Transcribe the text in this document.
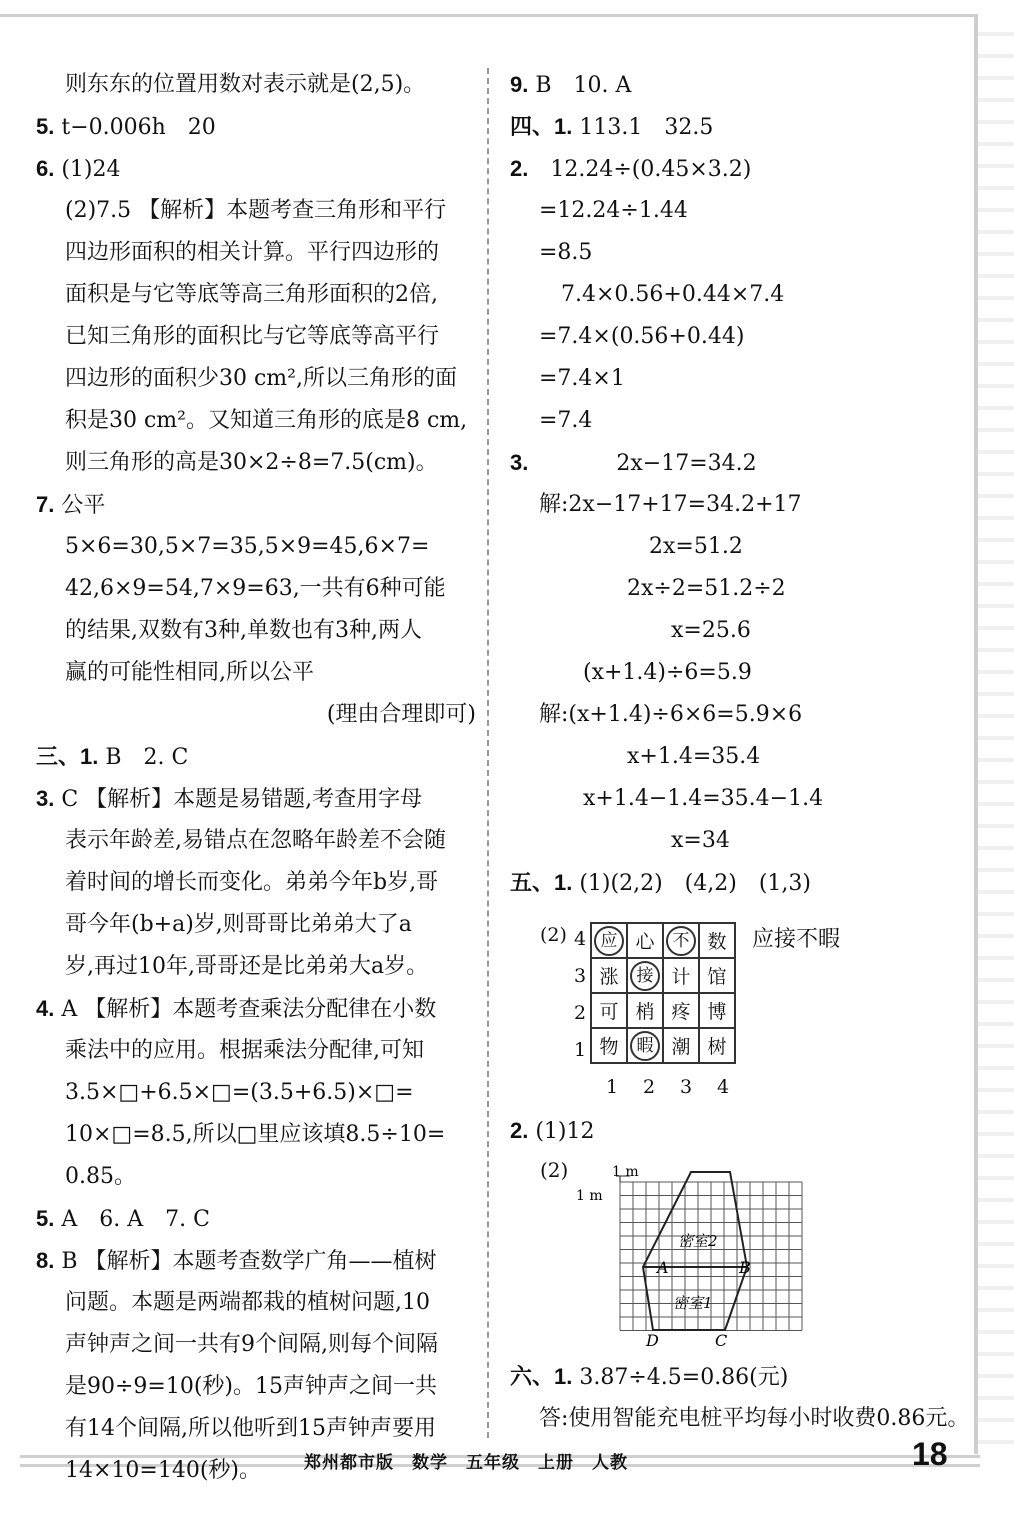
则东东的位置用数对表示就是(2,5)。
5. t−0.006h　20
6. (1)24
(2)7.5 【解析】本题考查三角形和平行
四边形面积的相关计算。平行四边形的
面积是与它等底等高三角形面积的2倍,
已知三角形的面积比与它等底等高平行
四边形的面积少30 cm²,所以三角形的面
积是30 cm²。又知道三角形的底是8 cm,
则三角形的高是30×2÷8=7.5(cm)。
7. 公平
5×6=30,5×7=35,5×9=45,6×7=
42,6×9=54,7×9=63,一共有6种可能
的结果,双数有3种,单数也有3种,两人
赢的可能性相同,所以公平
(理由合理即可)
三、1. B　2. C
3. C 【解析】本题是易错题,考查用字母
表示年龄差,易错点在忽略年龄差不会随
着时间的增长而变化。弟弟今年b岁,哥
哥今年(b+a)岁,则哥哥比弟弟大了a
岁,再过10年,哥哥还是比弟弟大a岁。
4. A 【解析】本题考查乘法分配律在小数
乘法中的应用。根据乘法分配律,可知
3.5×□+6.5×□=(3.5+6.5)×□=
10×□=8.5,所以□里应该填8.5÷10=
0.85。
5. A　6. A　7. C
8. B 【解析】本题考查数学广角——植树
问题。本题是两端都栽的植树问题,10
声钟声之间一共有9个间隔,则每个间隔
是90÷9=10(秒)。15声钟声之间一共
有14个间隔,所以他听到15声钟声要用
14×10=140(秒)。
9. B　10. A
四、1. 113.1　32.5
2.　12.24÷(0.45×3.2)
=12.24÷1.44
=8.5
　7.4×0.56+0.44×7.4
=7.4×(0.56+0.44)
=7.4×1
=7.4
3.　　　　2x−17=34.2
解:2x−17+17=34.2+17
　　　　　2x=51.2
　　　　2x÷2=51.2÷2
　　　　　　x=25.6
　　(x+1.4)÷6=5.9
解:(x+1.4)÷6×6=5.9×6
　　　　x+1.4=35.4
　　x+1.4−1.4=35.4−1.4
　　　　　　x=34
五、1. (1)(2,2)　(4,2)　(1,3)
(2)	应接不暇
4
3
2
1
应	心	不	数
涨	接	计	馆
可	梢	疼	博
物	暇	潮	树
1 2 3 4
2. (1)12
(2)	1 m
1 m
密室2
密室1
A	B
C
D
六、1. 3.87÷4.5=0.86(元)
答:使用智能充电桩平均每小时收费0.86元。
郑州都市版　数学　五年级　上册　人教	18
